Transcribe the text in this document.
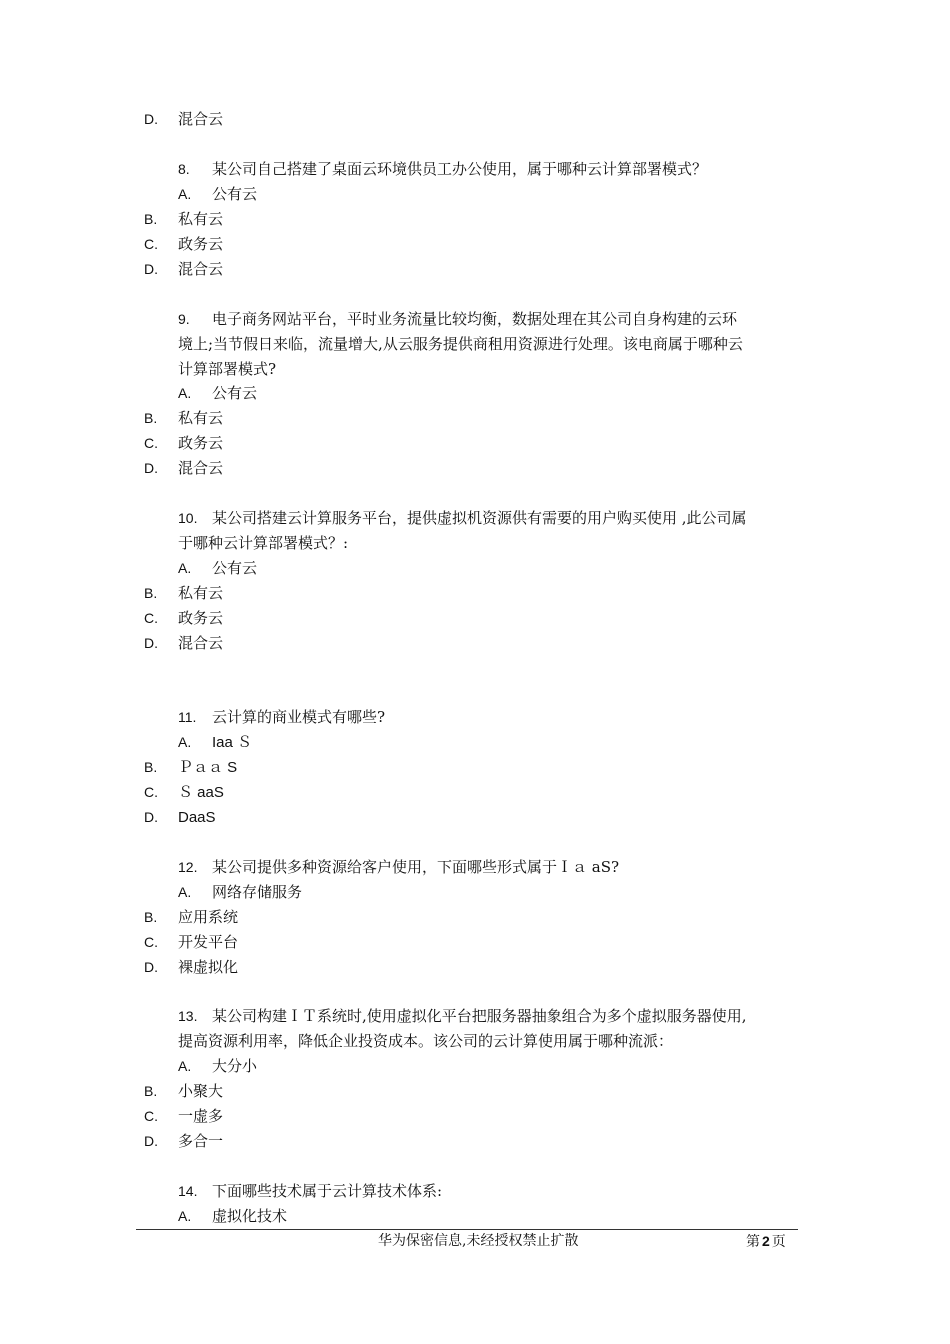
D. 混合云
8. 某公司自己搭建了桌面云环境供员工办公使用，属于哪种云计算部署模式？
A. 公有云
B. 私有云
C. 政务云
D. 混合云
9. 电子商务网站平台，平时业务流量比较均衡，数据处理在其公司自身构建的云环
境上;当节假日来临，流量增大,从云服务提供商租用资源进行处理。该电商属于哪种云
计算部署模式?
A. 公有云
B. 私有云
C. 政务云
D. 混合云
10. 某公司搭建云计算服务平台，提供虚拟机资源供有需要的用户购买使用 ,此公司属
于哪种云计算部署模式？:
A. 公有云
B. 私有云
C. 政务云
D. 混合云
11. 云计算的商业模式有哪些?
A. Iaa Ｓ
B. Ｐａａ S
C. Ｓ aaS
D. DaaS
12. 某公司提供多种资源给客户使用，下面哪些形式属于Ｉａ aS?
A. 网络存储服务
B. 应用系统
C. 开发平台
D. 裸虚拟化
13. 某公司构建ＩＴ系统时,使用虚拟化平台把服务器抽象组合为多个虚拟服务器使用,
提高资源利用率，降低企业投资成本。该公司的云计算使用属于哪种流派：
A. 大分小
B. 小聚大
C. 一虚多
D. 多合一
14. 下面哪些技术属于云计算技术体系:
A. 虚拟化技术
华为保密信息,未经授权禁止扩散	第 2 页
